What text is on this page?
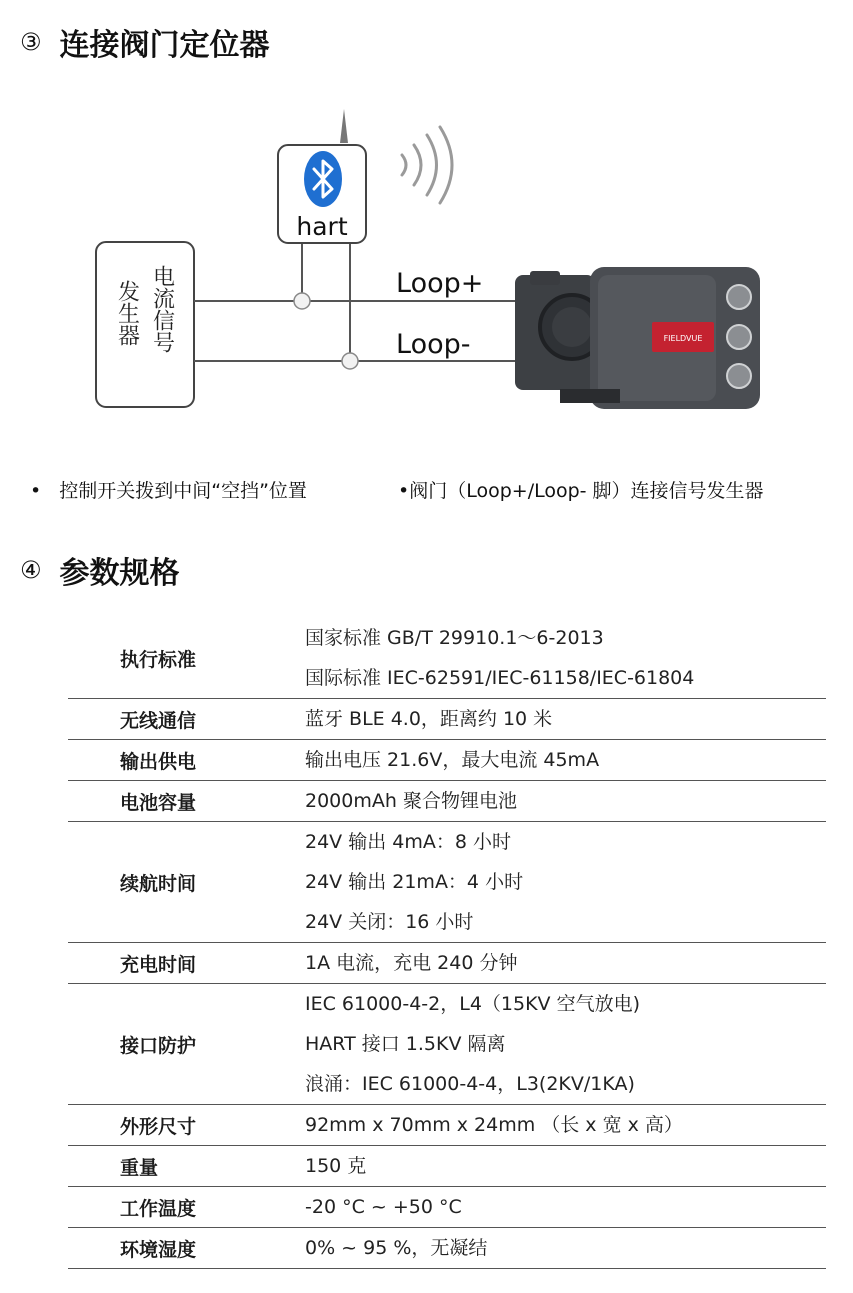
③ 连接阀门定位器
发生器 电流信号
hart
Loop+
Loop-	FIELDVUE
• 控制开关拨到中间“空挡”位置	•阀门（Loop+/Loop- 脚）连接信号发生器
④ 参数规格
执行标准	国家标准 GB/T 29910.1～6-2013
国际标准 IEC-62591/IEC-61158/IEC-61804

无线通信	蓝牙 BLE 4.0，距离约 10 米

输出供电	输出电压 21.6V，最大电流 45mA

电池容量	2000mAh 聚合物锂电池

续航时间	24V 输出 4mA：8 小时
24V 输出 21mA：4 小时
24V 关闭：16 小时

充电时间	1A 电流，充电 240 分钟

接口防护	IEC 61000-4-2，L4（15KV 空气放电)
HART 接口 1.5KV 隔离
浪涌：IEC 61000-4-4，L3(2KV/1KA)

外形尺寸	92mm x 70mm x 24mm （长 x 宽 x 高）

重量	150 克

工作温度	-20 °C ~ +50 °C

环境湿度	0% ~ 95 %，无凝结
